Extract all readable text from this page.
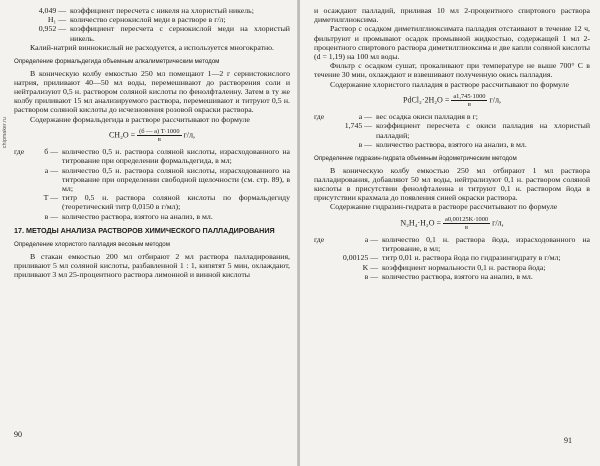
chipmaker.ru
4,049 — коэффициент пересчета с никеля на хлористый никель;
H₁ — количество сернокислой меди в растворе в г/л;
0,952 — коэффициент пересчета с сернокислой меди на хлористый никель.

Калий-натрий виннокислый не расходуется, а используется многократно.

Определение формальдегида объемным алкалиметрическим методом

В коническую колбу емкостью 250 мл помещают 1—2 г сернистокислого натрия, приливают 40—50 мл воды, перемешивают до растворения соли и нейтрализуют 0,5 н. раствором соляной кислоты по фенолфталеину. Затем в ту же колбу приливают 15 мл анализируемого раствора, перемешивают и титруют 0,5 н. раствором соляной кислоты до исчезновения розовой окраски раствора.

Содержание формальдегида в растворе рассчитывают по формуле

$CH_2O = \frac{(б — а) T\cdot 1000}{в} г/л$,
где	б — количество 0,5 н. раствора соляной кислоты, израсходованного на титрование при определении формальдегида, в мл;
а — количество 0,5 н. раствора соляной кислоты, израсходованного на титрование при определении свободной щелочности (см. стр. 89), в мл;
T — титр 0,5 н. раствора соляной кислоты по формальдегиду (теоретический титр 0,0150 в г/мл);
в — количество раствора, взятого на анализ, в мл.
17. МЕТОДЫ АНАЛИЗА РАСТВОРОВ ХИМИЧЕСКОГО ПАЛЛАДИРОВАНИЯ
Определение хлористого палладия весовым методом

В стакан емкостью 200 мл отбирают 2 мл раствора палладирования, приливают 5 мл соляной кислоты, разбавленной 1 : 1, кипятят 5 мин, охлаждают, приливают 3 мл 25-процентного раствора лимонной и винной кислоты

90

и осаждают палладий, приливая 10 мл 2-процентного спиртового раствора диметилглиоксима.

Раствор с осадком диметилглиоксимата палладия отстаивают в течение 12 ч, фильтруют и промывают осадок промывной жидкостью, содержащей 1 мл 2-процентного спиртового раствора диметилглиоксима и две капли соляной кислоты (d = 1,19) на 100 мл воды.

Фильтр с осадком сушат, прокаливают при температуре не выше 700° С в течение 30 мин, охлаждают и взвешивают полученную окись палладия.

Содержание хлористого палладия в растворе рассчитывают по формуле

PdCl₂·2H₂O = $\frac{a1,745\cdot 1000}{в} г/л$,
где	а — вес осадка окиси палладия в г;
1,745 — коэффициент пересчета с окиси палладия на хлористый палладий;
в — количество раствора, взятого на анализ, в мл.
Определение гидразин-гидрата объемным йодометрическим методом

В коническую колбу емкостью 250 мл отбирают 1 мл раствора палладирования, добавляют 50 мл воды, нейтрализуют 0,1 н. раствором соляной кислоты в присутствии фенолфталеина и титруют 0,1 н. раствором йода в присутствии крахмала до появления синей окраски раствора.

Содержание гидразин-гидрата в растворе рассчитывают по формуле

$N_2H_4\cdot H_2O = \frac{a0,00125K\cdot 1000}{в} г/л$,
где	а — количество 0,1 н. раствора йода, израсходованного на титрование, в мл;
0,00125 — титр 0,01 н. раствора йода по гидразингидрату в г/мл;
K — коэффициент нормальности 0,1 н. раствора йода;
в — количество раствора, взятого на анализ, в мл.
91
